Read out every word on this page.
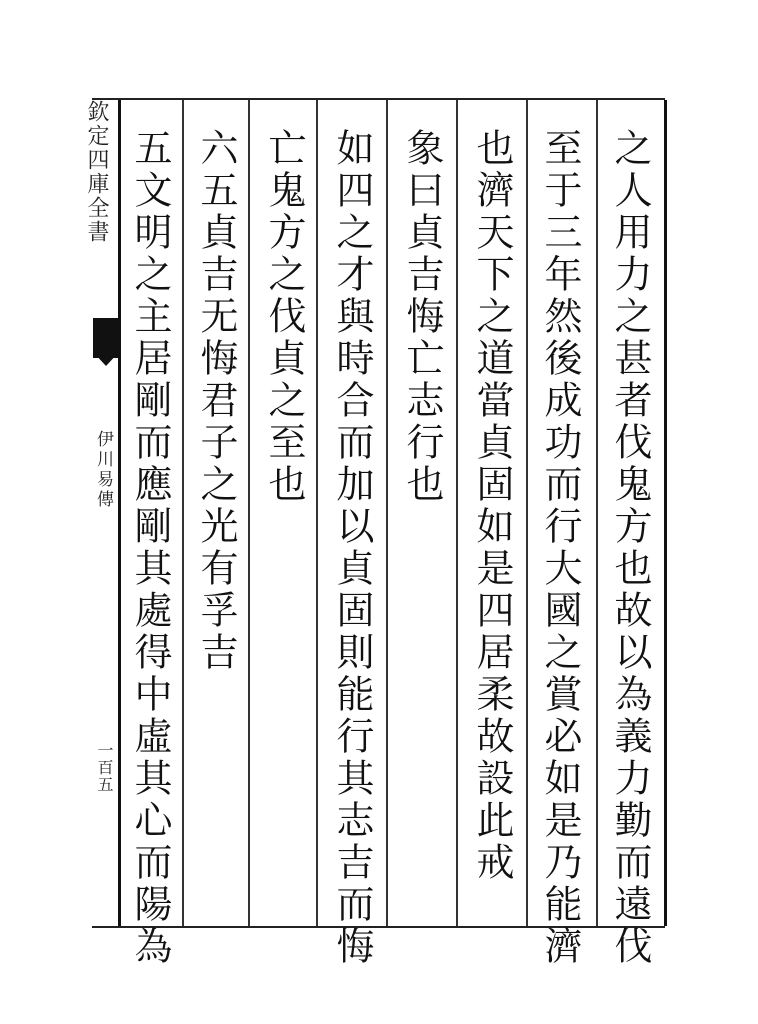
欽定四庫全書
伊川易傳
一百五	之人用力之甚者伐鬼方也故以為義力勤而遠伐
至于三年然後成功而行大國之賞必如是乃能濟
也濟天下之道當貞固如是四居柔故設此戒
象曰貞吉悔亡志行也
如四之才與時合而加以貞固則能行其志吉而悔
亡鬼方之伐貞之至也
六五貞吉无悔君子之光有孚吉
五文明之主居剛而應剛其處得中虛其心而陽為
